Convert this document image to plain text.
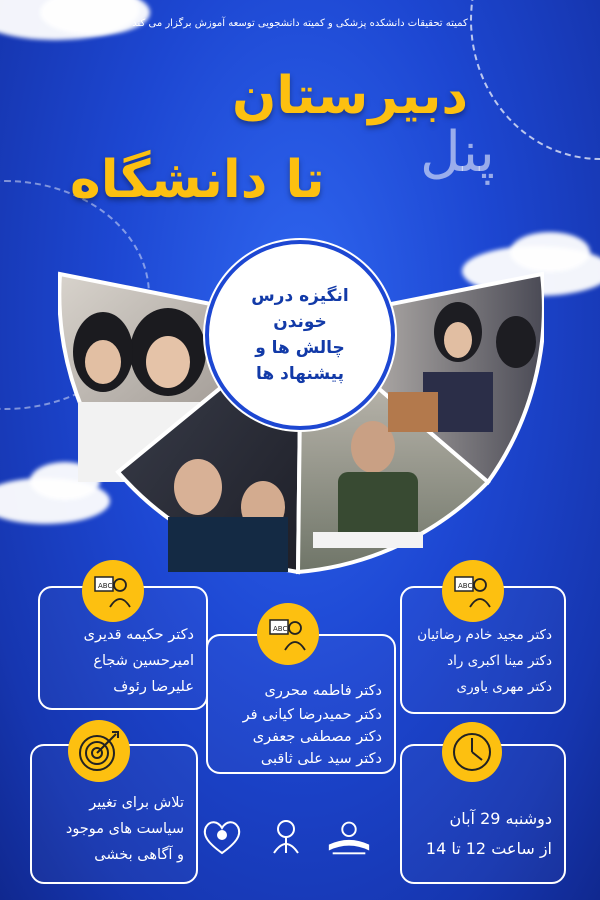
کمیته تحقیقات دانشکده پزشکی و کمیته دانشجویی توسعه آموزش برگزار می کند
دبیرستان
پنل
تا دانشگاه
انگیزه درس
خوندن
چالش ها و
پیشنهاد ها
دکتر حکیمه قدیری
امیرحسین شجاع
علیرضا رئوف
ABC
دکتر فاطمه محرری
دکتر حمیدرضا کیانی فر
دکتر مصطفی جعفری
دکتر سید علی ثاقبی
ABC	دکتر مجید خادم رضائیان
دکتر مینا اکبری راد
دکتر مهری یاوری
ABC
تلاش برای تغییر
سیاست های موجود
و آگاهی بخشی
دوشنبه 29 آبان
از ساعت 12 تا 14
